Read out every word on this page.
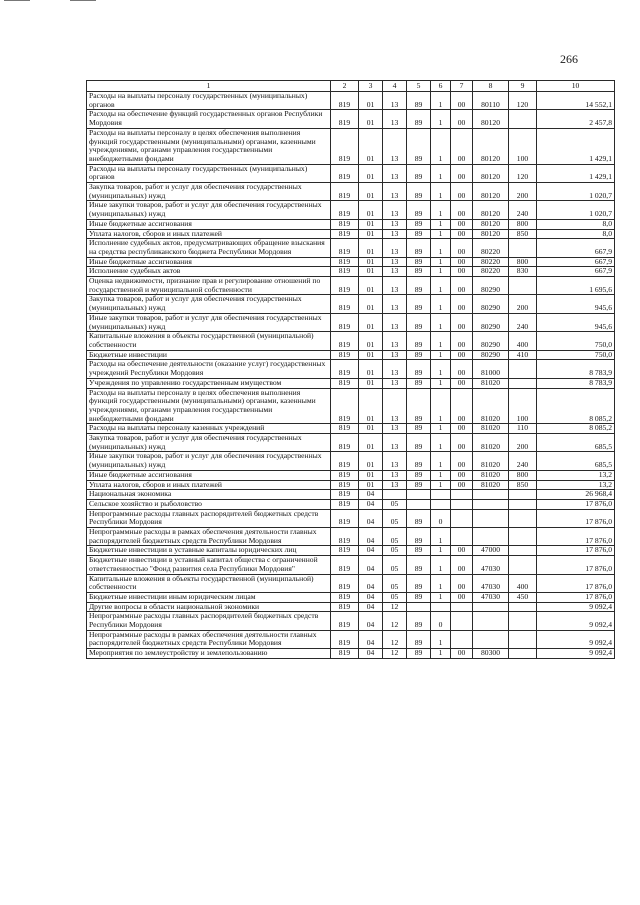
266
1	2	3	4	5	6	7	8	9	10
Расходы на выплаты персоналу государственных (муниципальных) органов	819	01	13	89	1	00	80110	120	14 552,1
Расходы на обеспечение функций государственных органов Республики Мордовия	819	01	13	89	1	00	80120		2 457,8
Расходы на выплаты персоналу в целях обеспечения выполнения функций государственными (муниципальными) органами, казенными учреждениями, органами управления государственными внебюджетными фондами	819	01	13	89	1	00	80120	100	1 429,1
Расходы на выплаты персоналу государственных (муниципальных) органов	819	01	13	89	1	00	80120	120	1 429,1
Закупка товаров, работ и услуг для обеспечения государственных (муниципальных) нужд	819	01	13	89	1	00	80120	200	1 020,7
Иные закупки товаров, работ и услуг для обеспечения государственных (муниципальных) нужд	819	01	13	89	1	00	80120	240	1 020,7
Иные бюджетные ассигнования	819	01	13	89	1	00	80120	800	8,0
Уплата налогов, сборов и иных платежей	819	01	13	89	1	00	80120	850	8,0
Исполнение судебных актов, предусматривающих обращение взыскания на средства республиканского бюджета Республики Мордовия	819	01	13	89	1	00	80220		667,9
Иные бюджетные ассигнования	819	01	13	89	1	00	80220	800	667,9
Исполнение судебных актов	819	01	13	89	1	00	80220	830	667,9
Оценка недвижимости, признание прав и регулирование отношений по государственной и муниципальной собственности	819	01	13	89	1	00	80290		1 695,6
Закупка товаров, работ и услуг для обеспечения государственных (муниципальных) нужд	819	01	13	89	1	00	80290	200	945,6
Иные закупки товаров, работ и услуг для обеспечения государственных (муниципальных) нужд	819	01	13	89	1	00	80290	240	945,6
Капитальные вложения в объекты государственной (муниципальной) собственности	819	01	13	89	1	00	80290	400	750,0
Бюджетные инвестиции	819	01	13	89	1	00	80290	410	750,0
Расходы на обеспечение деятельности (оказание услуг) государственных учреждений Республики Мордовия	819	01	13	89	1	00	81000		8 783,9
Учреждения по управлению государственным имуществом	819	01	13	89	1	00	81020		8 783,9
Расходы на выплаты персоналу в целях обеспечения выполнения функций государственными (муниципальными) органами, казенными учреждениями, органами управления государственными внебюджетными фондами	819	01	13	89	1	00	81020	100	8 085,2
Расходы на выплаты персоналу казенных учреждений	819	01	13	89	1	00	81020	110	8 085,2
Закупка товаров, работ и услуг для обеспечения государственных (муниципальных) нужд	819	01	13	89	1	00	81020	200	685,5
Иные закупки товаров, работ и услуг для обеспечения государственных (муниципальных) нужд	819	01	13	89	1	00	81020	240	685,5
Иные бюджетные ассигнования	819	01	13	89	1	00	81020	800	13,2
Уплата налогов, сборов и иных платежей	819	01	13	89	1	00	81020	850	13,2
Национальная экономика	819	04							26 968,4
Сельское хозяйство и рыболовство	819	04	05						17 876,0
Непрограммные расходы главных распорядителей бюджетных средств Республики Мордовия	819	04	05	89	0				17 876,0
Непрограммные расходы в рамках обеспечения деятельности главных распорядителей бюджетных средств Республики Мордовия	819	04	05	89	1				17 876,0
Бюджетные инвестиции в уставные капиталы юридических лиц	819	04	05	89	1	00	47000		17 876,0
Бюджетные инвестиции в уставный капитал общества с ограниченной ответственностью "Фонд развития села Республики Мордовия"	819	04	05	89	1	00	47030		17 876,0
Капитальные вложения в объекты государственной (муниципальной) собственности	819	04	05	89	1	00	47030	400	17 876,0
Бюджетные инвестиции иным юридическим лицам	819	04	05	89	1	00	47030	450	17 876,0
Другие вопросы в области национальной экономики	819	04	12						9 092,4
Непрограммные расходы главных распорядителей бюджетных средств Республики Мордовия	819	04	12	89	0				9 092,4
Непрограммные расходы в рамках обеспечения деятельности главных распорядителей бюджетных средств Республики Мордовия	819	04	12	89	1				9 092,4
Мероприятия по землеустройству и землепользованию	819	04	12	89	1	00	80300		9 092,4
